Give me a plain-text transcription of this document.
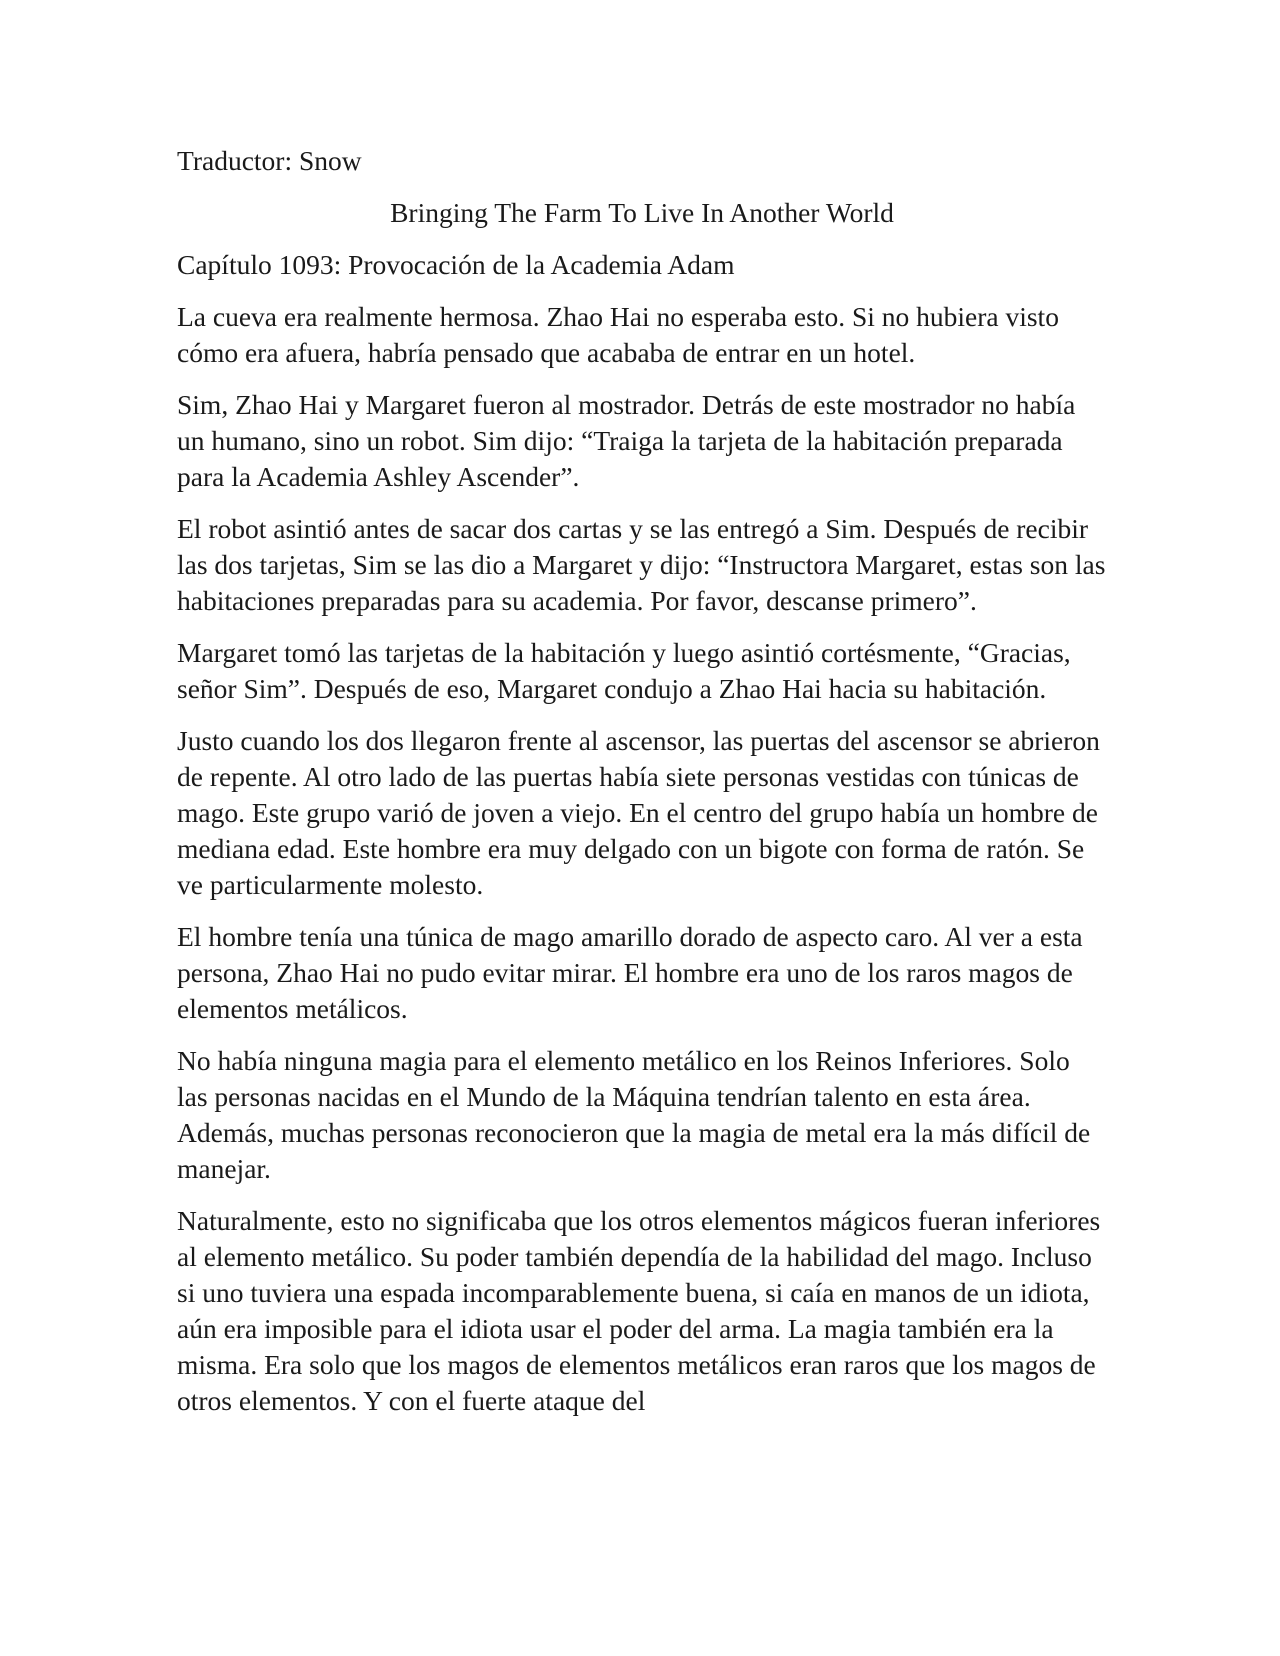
Traductor: Snow
Bringing The Farm To Live In Another World
Capítulo 1093: Provocación de la Academia Adam

La cueva era realmente hermosa. Zhao Hai no esperaba esto. Si no hubiera visto cómo era afuera, habría pensado que acababa de entrar en un hotel.

Sim, Zhao Hai y Margaret fueron al mostrador. Detrás de este mostrador no había un humano, sino un robot. Sim dijo: “Traiga la tarjeta de la habitación preparada para la Academia Ashley Ascender”.

El robot asintió antes de sacar dos cartas y se las entregó a Sim. Después de recibir las dos tarjetas, Sim se las dio a Margaret y dijo: “Instructora Margaret, estas son las habitaciones preparadas para su academia. Por favor, descanse primero”.

Margaret tomó las tarjetas de la habitación y luego asintió cortésmente, “Gracias, señor Sim”. Después de eso, Margaret condujo a Zhao Hai hacia su habitación.

Justo cuando los dos llegaron frente al ascensor, las puertas del ascensor se abrieron de repente. Al otro lado de las puertas había siete personas vestidas con túnicas de mago. Este grupo varió de joven a viejo. En el centro del grupo había un hombre de mediana edad. Este hombre era muy delgado con un bigote con forma de ratón. Se ve particularmente molesto.

El hombre tenía una túnica de mago amarillo dorado de aspecto caro. Al ver a esta persona, Zhao Hai no pudo evitar mirar. El hombre era uno de los raros magos de elementos metálicos.

No había ninguna magia para el elemento metálico en los Reinos Inferiores. Solo las personas nacidas en el Mundo de la Máquina tendrían talento en esta área. Además, muchas personas reconocieron que la magia de metal era la más difícil de manejar.

Naturalmente, esto no significaba que los otros elementos mágicos fueran inferiores al elemento metálico. Su poder también dependía de la habilidad del mago. Incluso si uno tuviera una espada incomparablemente buena, si caía en manos de un idiota, aún era imposible para el idiota usar el poder del arma. La magia también era la misma. Era solo que los magos de elementos metálicos eran raros que los magos de otros elementos. Y con el fuerte ataque del
